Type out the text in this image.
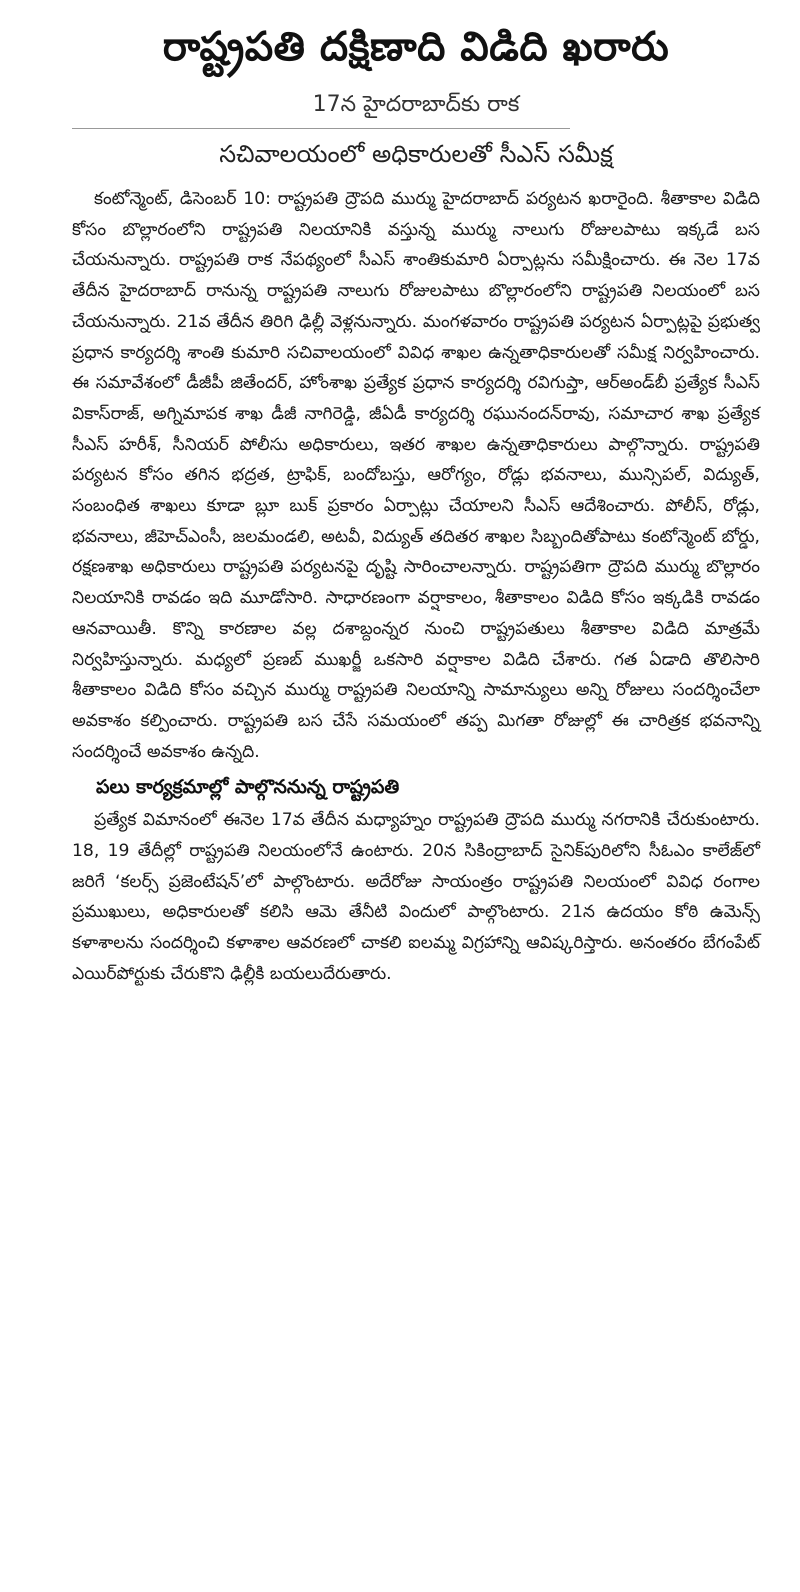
రాష్ట్రపతి దక్షిణాది విడిది ఖరారు

17న హైదరాబాద్‌కు రాక

సచివాలయంలో అధికారులతో సీఎస్ సమీక్ష

కంటోన్మెంట్, డిసెంబర్ 10: రాష్ట్రపతి ద్రౌపది ముర్ము హైదరాబాద్ పర్యటన ఖరారైంది. శీతాకాల విడిది కోసం బొల్లారంలోని రాష్ట్రపతి నిలయానికి వస్తున్న ముర్ము నాలుగు రోజులపాటు ఇక్కడే బస చేయనున్నారు. రాష్ట్రపతి రాక నేపథ్యంలో సీఎస్ శాంతికుమారి ఏర్పాట్లను సమీక్షించారు. ఈ నెల 17వ తేదీన హైదరాబాద్ రానున్న రాష్ట్రపతి నాలుగు రోజులపాటు బొల్లారంలోని రాష్ట్రపతి నిలయంలో బస చేయనున్నారు. 21వ తేదీన తిరిగి ఢిల్లీ వెళ్లనున్నారు. మంగళవారం రాష్ట్రపతి పర్యటన ఏర్పాట్లపై ప్రభుత్వ ప్రధాన కార్యదర్శి శాంతి కుమారి సచివాలయంలో వివిధ శాఖల ఉన్నతాధికారులతో సమీక్ష నిర్వహించారు. ఈ సమావేశంలో డీజీపీ జితేందర్, హోంశాఖ ప్రత్యేక ప్రధాన కార్యదర్శి రవిగుప్తా, ఆర్అండ్‌బీ ప్రత్యేక సీఎస్ వికాస్‌రాజ్, అగ్నిమాపక శాఖ డీజీ నాగిరెడ్డి, జీఏడీ కార్యదర్శి రఘునందన్‌రావు, సమాచార శాఖ ప్రత్యేక సీఎస్ హరీశ్, సీనియర్ పోలీసు అధికారులు, ఇతర శాఖల ఉన్నతాధికారులు పాల్గొన్నారు. రాష్ట్రపతి పర్యటన కోసం తగిన భద్రత, ట్రాఫిక్, బందోబస్తు, ఆరోగ్యం, రోడ్లు భవనాలు, మున్సిపల్, విద్యుత్, సంబంధిత శాఖలు కూడా బ్లూ బుక్ ప్రకారం ఏర్పాట్లు చేయాలని సీఎస్ ఆదేశించారు. పోలీస్, రోడ్లు, భవనాలు, జీహెచ్ఎంసీ, జలమండలి, అటవీ, విద్యుత్ తదితర శాఖల సిబ్బందితోపాటు కంటోన్మెంట్ బోర్డు, రక్షణశాఖ అధికారులు రాష్ట్రపతి పర్యటనపై దృష్టి సారించాలన్నారు. రాష్ట్రపతిగా ద్రౌపది ముర్ము బొల్లారం నిలయానికి రావడం ఇది మూడోసారి. సాధారణంగా వర్షాకాలం, శీతాకాలం విడిది కోసం ఇక్కడికి రావడం ఆనవాయితీ. కొన్ని కారణాల వల్ల దశాబ్దంన్నర నుంచి రాష్ట్రపతులు శీతాకాల విడిది మాత్రమే నిర్వహిస్తున్నారు. మధ్యలో ప్రణబ్ ముఖర్జీ ఒకసారి వర్షాకాల విడిది చేశారు. గత ఏడాది తొలిసారి శీతాకాలం విడిది కోసం వచ్చిన ముర్ము రాష్ట్రపతి నిలయాన్ని సామాన్యులు అన్ని రోజులు సందర్శించేలా అవకాశం కల్పించారు. రాష్ట్రపతి బస చేసే సమయంలో తప్ప మిగతా రోజుల్లో ఈ చారిత్రక భవనాన్ని సందర్శించే అవకాశం ఉన్నది.

పలు కార్యక్రమాల్లో పాల్గొననున్న రాష్ట్రపతి

ప్రత్యేక విమానంలో ఈనెల 17వ తేదీన మధ్యాహ్నం రాష్ట్రపతి ద్రౌపది ముర్ము నగరానికి చేరుకుంటారు. 18, 19 తేదీల్లో రాష్ట్రపతి నిలయంలోనే ఉంటారు. 20న సికింద్రాబాద్ సైనిక్‌పురిలోని సీఓఎం కాలేజ్‌లో జరిగే ‘కలర్స్ ప్రజెంటేషన్’లో పాల్గొంటారు. అదేరోజు సాయంత్రం రాష్ట్రపతి నిలయంలో వివిధ రంగాల ప్రముఖులు, అధికారులతో కలిసి ఆమె తేనీటి విందులో పాల్గొంటారు. 21న ఉదయం కోఠి ఉమెన్స్ కళాశాలను సందర్శించి కళాశాల ఆవరణలో చాకలి ఐలమ్మ విగ్రహాన్ని ఆవిష్కరిస్తారు. అనంతరం బేగంపేట్ ఎయిర్‌పోర్టుకు చేరుకొని ఢిల్లీకి బయలుదేరుతారు.
